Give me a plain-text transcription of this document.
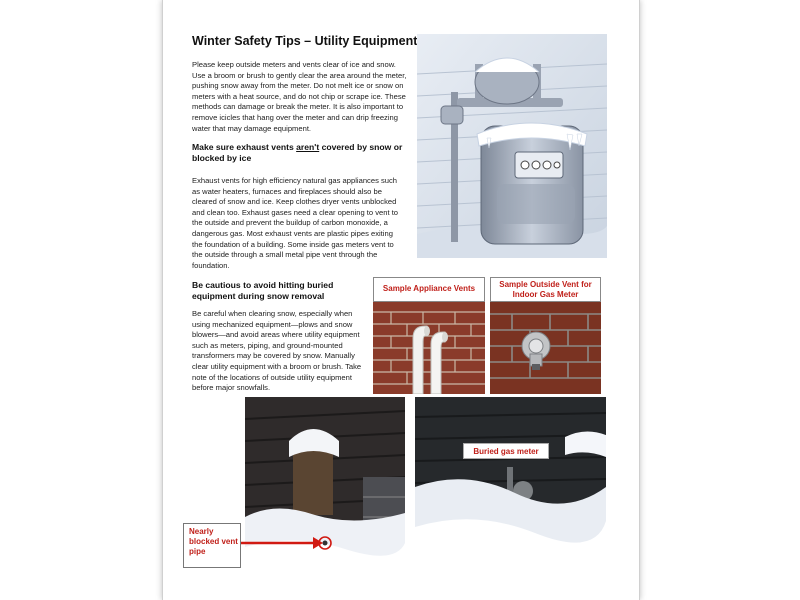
Winter Safety Tips – Utility Equipment

Please keep outside meters and vents clear of ice and snow. Use a broom or brush to gently clear the area around the meter, pushing snow away from the meter. Do not melt ice or snow on meters with a heat source, and do not chip or scrape ice. These methods can damage or break the meter. It is also important to remove icicles that hang over the meter and can drip freezing water that may damage equipment.

Make sure exhaust vents aren't covered by snow or blocked by ice

Exhaust vents for high efficiency natural gas appliances such as water heaters, furnaces and fireplaces should also be cleared of snow and ice. Keep clothes dryer vents unblocked and clean too. Exhaust gases need a clear opening to vent to the outside and prevent the buildup of carbon monoxide, a dangerous gas. Most exhaust vents are plastic pipes exiting the foundation of a building. Some inside gas meters vent to the outside through a small metal pipe vent through the foundation.

Be cautious to avoid hitting buried equipment during snow removal

Be careful when clearing snow, especially when using mechanized equipment—plows and snow blowers—and avoid areas where utility equipment such as meters, piping, and ground-mounted transformers may be covered by snow. Manually clear utility equipment with a broom or brush. Take note of the locations of outside utility equipment before major snowfalls.

Sample Appliance Vents	Sample Outside Vent for Indoor Gas Meter
Buried gas meter
Nearly blocked vent pipe
